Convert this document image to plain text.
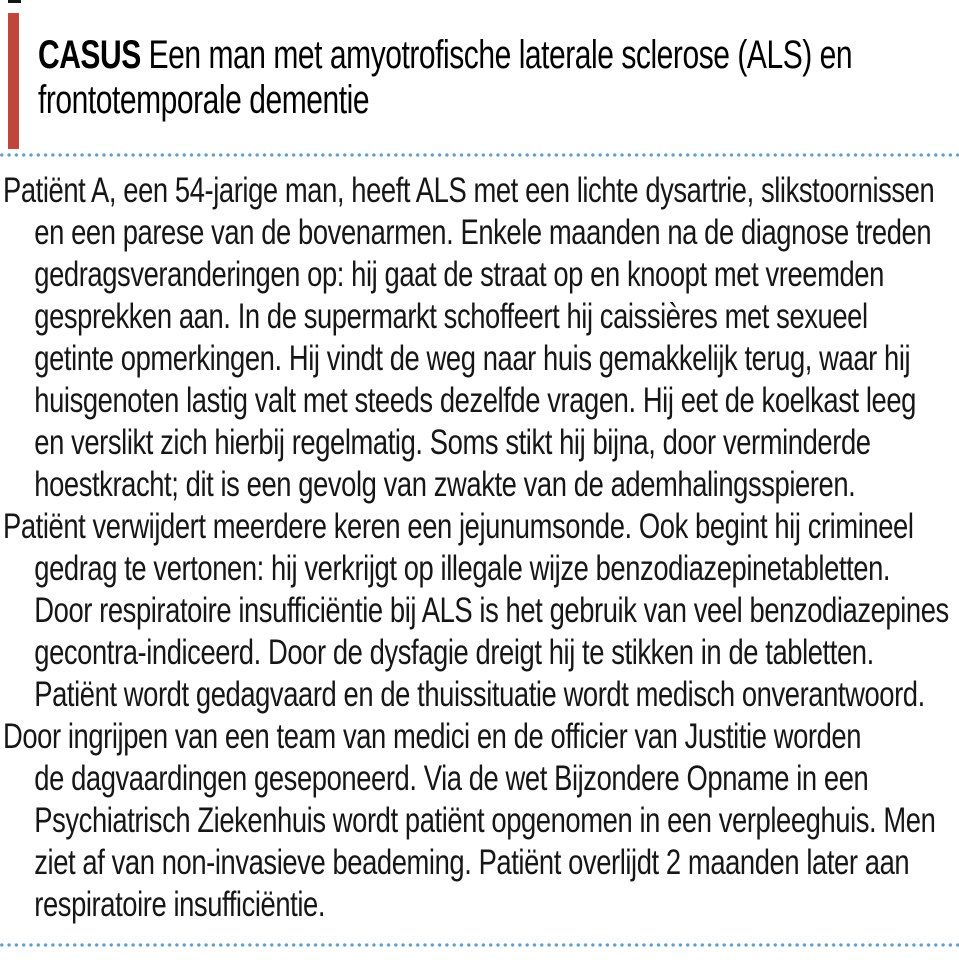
CASUS Een man met amyotrofische laterale sclerose (ALS) en frontotemporale dementie
Patiënt A, een 54-jarige man, heeft ALS met een lichte dysartrie, slikstoornissen
en een parese van de bovenarmen. Enkele maanden na de diagnose treden
gedragsveranderingen op: hij gaat de straat op en knoopt met vreemden
gesprekken aan. In de supermarkt schoffeert hij caissières met sexueel
getinte opmerkingen. Hij vindt de weg naar huis gemakkelijk terug, waar hij
huisgenoten lastig valt met steeds dezelfde vragen. Hij eet de koelkast leeg
en verslikt zich hierbij regelmatig. Soms stikt hij bijna, door verminderde
hoestkracht; dit is een gevolg van zwakte van de ademhalingsspieren.
Patiënt verwijdert meerdere keren een jejunumsonde. Ook begint hij crimineel
gedrag te vertonen: hij verkrijgt op illegale wijze benzodiazepinetabletten.
Door respiratoire insufficiëntie bij ALS is het gebruik van veel benzodiazepines
gecontra-indiceerd. Door de dysfagie dreigt hij te stikken in de tabletten.
Patiënt wordt gedagvaard en de thuissituatie wordt medisch onverantwoord.
Door ingrijpen van een team van medici en de officier van Justitie worden
de dagvaardingen geseponeerd. Via de wet Bijzondere Opname in een
Psychiatrisch Ziekenhuis wordt patiënt opgenomen in een verpleeghuis. Men
ziet af van non-invasieve beademing. Patiënt overlijdt 2 maanden later aan
respiratoire insufficiëntie.
